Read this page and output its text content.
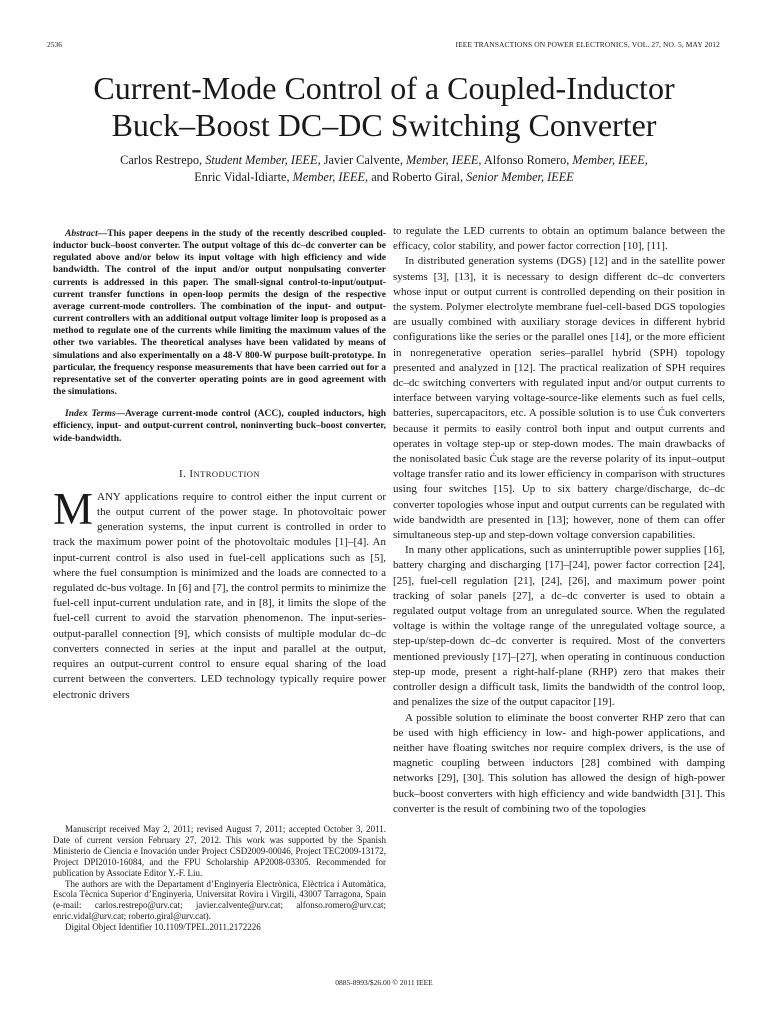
2536	IEEE TRANSACTIONS ON POWER ELECTRONICS, VOL. 27, NO. 5, MAY 2012
Current-Mode Control of a Coupled-Inductor
Buck–Boost DC–DC Switching Converter
Carlos Restrepo, Student Member, IEEE, Javier Calvente, Member, IEEE, Alfonso Romero, Member, IEEE,
Enric Vidal-Idiarte, Member, IEEE, and Roberto Giral, Senior Member, IEEE

Abstract—This paper deepens in the study of the recently described coupled-inductor buck–boost converter. The output voltage of this dc–dc converter can be regulated above and/or below its input voltage with high efficiency and wide bandwidth. The control of the input and/or output nonpulsating converter currents is addressed in this paper. The small-signal control-to-input/output-current transfer functions in open-loop permits the design of the respective average current-mode controllers. The combination of the input- and output-current controllers with an additional output voltage limiter loop is proposed as a method to regulate one of the currents while limiting the maximum values of the other two variables. The theoretical analyses have been validated by means of simulations and also experimentally on a 48-V 800-W purpose built-prototype. In particular, the frequency response measurements that have been carried out for a representative set of the converter operating points are in good agreement with the simulations.

Index Terms—Average current-mode control (ACC), coupled inductors, high efficiency, input- and output-current control, noninverting buck–boost converter, wide-bandwidth.

I. INTRODUCTION

MANY applications require to control either the input current or the output current of the power stage. In photovoltaic power generation systems, the input current is controlled in order to track the maximum power point of the photovoltaic modules [1]–[4]. An input-current control is also used in fuel-cell applications such as [5], where the fuel consumption is minimized and the loads are connected to a regulated dc-bus voltage. In [6] and [7], the control permits to minimize the fuel-cell input-current undulation rate, and in [8], it limits the slope of the fuel-cell current to avoid the starvation phenomenon. The input-series-output-parallel connection [9], which consists of multiple modular dc–dc converters connected in series at the input and parallel at the output, requires an output-current control to ensure equal sharing of the load current between the converters. LED technology typically require power electronic drivers

Manuscript received May 2, 2011; revised August 7, 2011; accepted October 3, 2011. Date of current version February 27, 2012. This work was supported by the Spanish Ministerio de Ciencia e Inovación under Project CSD2009-00046, Project TEC2009-13172, Project DPI2010-16084, and the FPU Scholarship AP2008-03305. Recommended for publication by Associate Editor Y.-F. Liu.

The authors are with the Departament d’Enginyeria Electrònica, Elèctrica i Automàtica, Escola Tècnica Superior d’Enginyeria, Universitat Rovira i Virgili, 43007 Tarragona, Spain (e-mail: carlos.restrepo@urv.cat; javier.calvente@urv.cat; alfonso.romero@urv.cat; enric.vidal@urv.cat; roberto.giral@urv.cat).

Digital Object Identifier 10.1109/TPEL.2011.2172226

to regulate the LED currents to obtain an optimum balance between the efficacy, color stability, and power factor correction [10], [11].

In distributed generation systems (DGS) [12] and in the satellite power systems [3], [13], it is necessary to design different dc–dc converters whose input or output current is controlled depending on their position in the system. Polymer electrolyte membrane fuel-cell-based DGS topologies are usually combined with auxiliary storage devices in different hybrid configurations like the series or the parallel ones [14], or the more efficient in nonregenerative operation series–parallel hybrid (SPH) topology presented and analyzed in [12]. The practical realization of SPH requires dc–dc switching converters with regulated input and/or output currents to interface between varying voltage-source-like elements such as fuel cells, batteries, supercapacitors, etc. A possible solution is to use Ćuk converters because it permits to easily control both input and output currents and operates in voltage step-up or step-down modes. The main drawbacks of the nonisolated basic Ćuk stage are the reverse polarity of its input–output voltage transfer ratio and its lower efficiency in comparison with structures using four switches [15]. Up to six battery charge/discharge, dc–dc converter topologies whose input and output currents can be regulated with wide bandwidth are presented in [13]; however, none of them can offer simultaneous step-up and step-down voltage conversion capabilities.

In many other applications, such as uninterruptible power supplies [16], battery charging and discharging [17]–[24], power factor correction [24], [25], fuel-cell regulation [21], [24], [26], and maximum power point tracking of solar panels [27], a dc–dc converter is used to obtain a regulated output voltage from an unregulated source. When the regulated voltage is within the voltage range of the unregulated voltage source, a step-up/step-down dc–dc converter is required. Most of the converters mentioned previously [17]–[27], when operating in continuous conduction step-up mode, present a right-half-plane (RHP) zero that makes their controller design a difficult task, limits the bandwidth of the control loop, and penalizes the size of the output capacitor [19].

A possible solution to eliminate the boost converter RHP zero that can be used with high efficiency in low- and high-power applications, and neither have floating switches nor require complex drivers, is the use of magnetic coupling between inductors [28] combined with damping networks [29], [30]. This solution has allowed the design of high-power buck–boost converters with high efficiency and wide bandwidth [31]. This converter is the result of combining two of the topologies

0885-8993/$26.00 © 2011 IEEE
